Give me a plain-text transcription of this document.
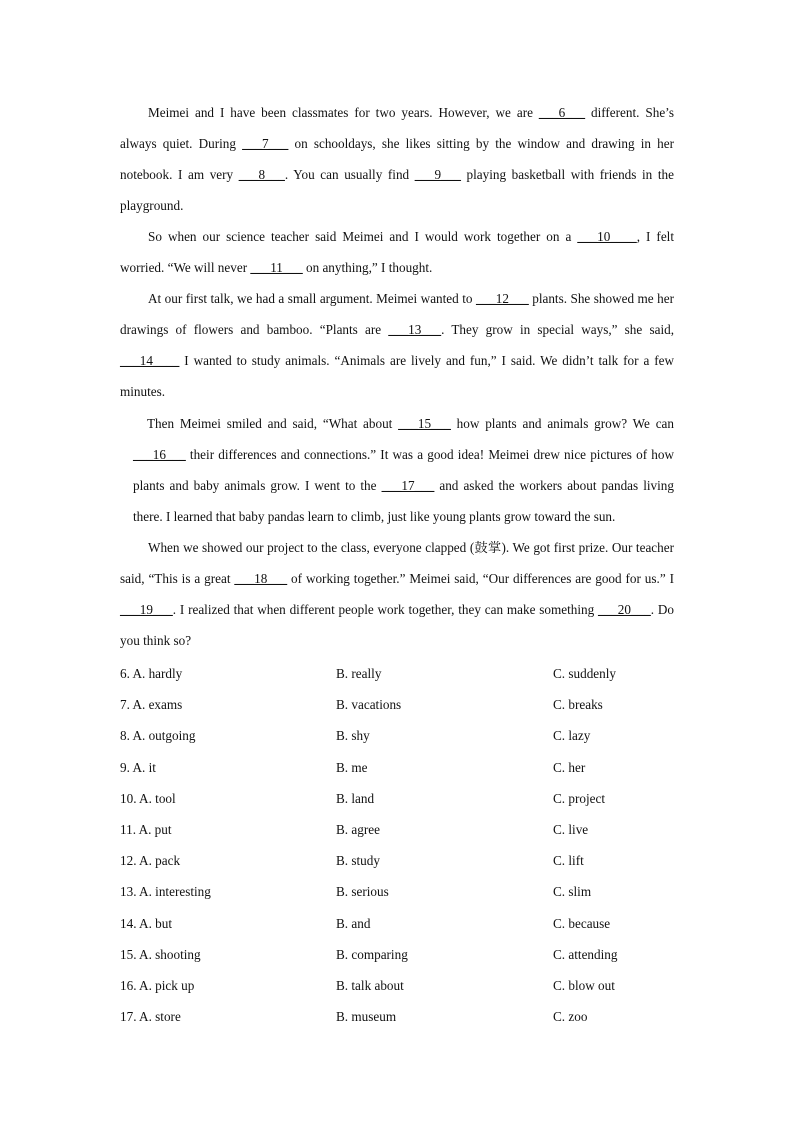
Meimei and I have been classmates for two years. However, we are ___6___ different. She’s always quiet. During ___7___ on schooldays, she likes sitting by the window and drawing in her notebook. I am very ___8___. You can usually find ___9___ playing basketball with friends in the playground.
So when our science teacher said Meimei and I would work together on a ___10____, I felt worried. “We will never ___11___ on anything,” I thought.
At our first talk, we had a small argument. Meimei wanted to ___12___ plants. She showed me her drawings of flowers and bamboo. “Plants are ___13___. They grow in special ways,” she said, ___14____ I wanted to study animals. “Animals are lively and fun,” I said. We didn’t talk for a few minutes.
Then Meimei smiled and said, “What about ___15___ how plants and animals grow? We can ___16___ their differences and connections.” It was a good idea! Meimei drew nice pictures of how plants and baby animals grow. I went to the ___17___ and asked the workers about pandas living there. I learned that baby pandas learn to climb, just like young plants grow toward the sun.
When we showed our project to the class, everyone clapped (鼓掌). We got first prize. Our teacher said, “This is a great ___18___ of working together.” Meimei said, “Our differences are good for us.” I ___19___. I realized that when different people work together, they can make something ___20___. Do you think so?
6. A. hardly	B. really	C. suddenly
7. A. exams	B. vacations	C. breaks
8. A. outgoing	B. shy	C. lazy
9. A. it	B. me	C. her
10. A. tool	B. land	C. project
11. A. put	B. agree	C. live
12. A. pack	B. study	C. lift
13. A. interesting	B. serious	C. slim
14. A. but	B. and	C. because
15. A. shooting	B. comparing	C. attending
16. A. pick up	B. talk about	C. blow out
17. A. store	B. museum	C. zoo
